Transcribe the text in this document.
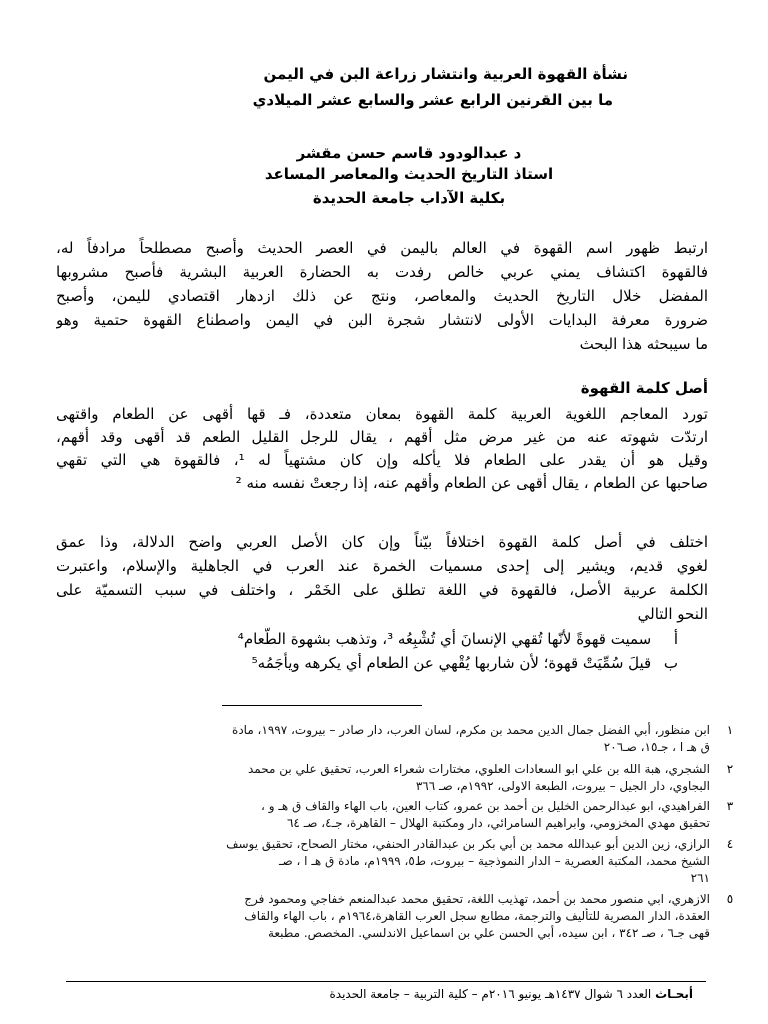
نشأة القهوة العربية وانتشار زراعة البن في اليمن
ما بين القرنين الرابع عشر والسابع عشر الميلادي
د عبدالودود قاسم حسن مقشر
استاذ التاريخ الحديث والمعاصر المساعد
بكلية الآداب جامعة الحديدة
ارتبط ظهور اسم القهوة في العالم باليمن في العصر الحديث وأصبح مصطلحاً مرادفاً له،
فالقهوة اكتشاف يمني عربي خالص رفدت به الحضارة العربية البشرية فأصبح مشروبها
المفضل خلال التاريخ الحديث والمعاصر، ونتج عن ذلك ازدهار اقتصادي لليمن، وأصبح
ضرورة معرفة البدايات الأولى لانتشار شجرة البن في اليمن واصطناع القهوة حتمية وهو
ما سيبحثه هذا البحث
أصل كلمة القهوة
تورد المعاجم اللغوية العربية كلمة القهوة بمعان متعددة، فـ قها أقهى عن الطعام واقتهى
ارتدّت شهوته عنه من غير مرض مثل أقهم ، يقال للرجل القليل الطعم قد أقهى وقد أقهم،
وقيل هو أن يقدر على الطعام فلا يأكله وإن كان مشتهياً له ¹، فالقهوة هي التي تقهي
صاحبها عن الطعام ، يقال أقهى عن الطعام وأقهم عنه، إذا رجعتْ نفسه منه ²
اختلف في أصل كلمة القهوة اختلافاً بيّناً وإن كان الأصل العربي واضح الدلالة، وذا عمق
لغوي قديم، ويشير إلى إحدى مسميات الخمرة عند العرب في الجاهلية والإسلام، واعتبرت
الكلمة عربية الأصل، فالقهوة في اللغة تطلق على الخَمْر ، واختلف في سبب التسميّة على
النحو التالي
أ سميت قهوةً لأنّها تُقهي الإنسانَ أي تُشْبِعُه ³، وتذهب بشهوة الطّعام⁴
ب قيلَ سُمِّيَتْ قهوة؛ لأن شاربها يُقْهي عن الطعام أي يكرهه ويأجَمُه⁵
١
ابن منظور، أبي الفضل جمال الدين محمد بن مكرم، لسان العرب، دار صادر – بيروت، ١٩٩٧، مادة
ق هـ ا ، جـ١٥، صـ٢٠٦
٢
الشجري، هبة الله بن علي ابو السعادات العلوي، مختارات شعراء العرب، تحقيق علي بن محمد
البجاوي، دار الجيل – بيروت، الطبعة الاولى، ١٩٩٢م، صـ ٣٦٦
٣
الفراهيدي، ابو عبدالرحمن الخليل بن أحمد بن عمرو، كتاب العين، باب الهاء والقاف ق هـ و ،
تحقيق مهدي المخزومي، وابراهيم السامرائي، دار ومكتبة الهلال – القاهرة، جـ٤، صـ ٦٤
٤
الرازي، زين الدين أبو عبدالله محمد بن أبي بكر بن عبدالقادر الحنفي، مختار الصحاح، تحقيق يوسف
الشيخ محمد، المكتبة العصرية – الدار النموذجية – بيروت، ط٥، ١٩٩٩م، مادة ق هـ ا ، صـ
٢٦١
٥
الازهري، ابي منصور محمد بن أحمد، تهذيب اللغة، تحقيق محمد عبدالمنعم خفاجي ومحمود فرج
العقدة، الدار المصرية للتأليف والترجمة، مطابع سجل العرب القاهرة،١٩٦٤م ، باب الهاء والقاف
قهى جـ٦ ، صـ ٣٤٢ ، ابن سيده، أبي الحسن علي بن اسماعيل الاندلسي. المخصص. مطبعة
أبحـاث العدد ٦ شوال ١٤٣٧هـ يونيو ٢٠١٦م – كلية التربية – جامعة الحديدة
